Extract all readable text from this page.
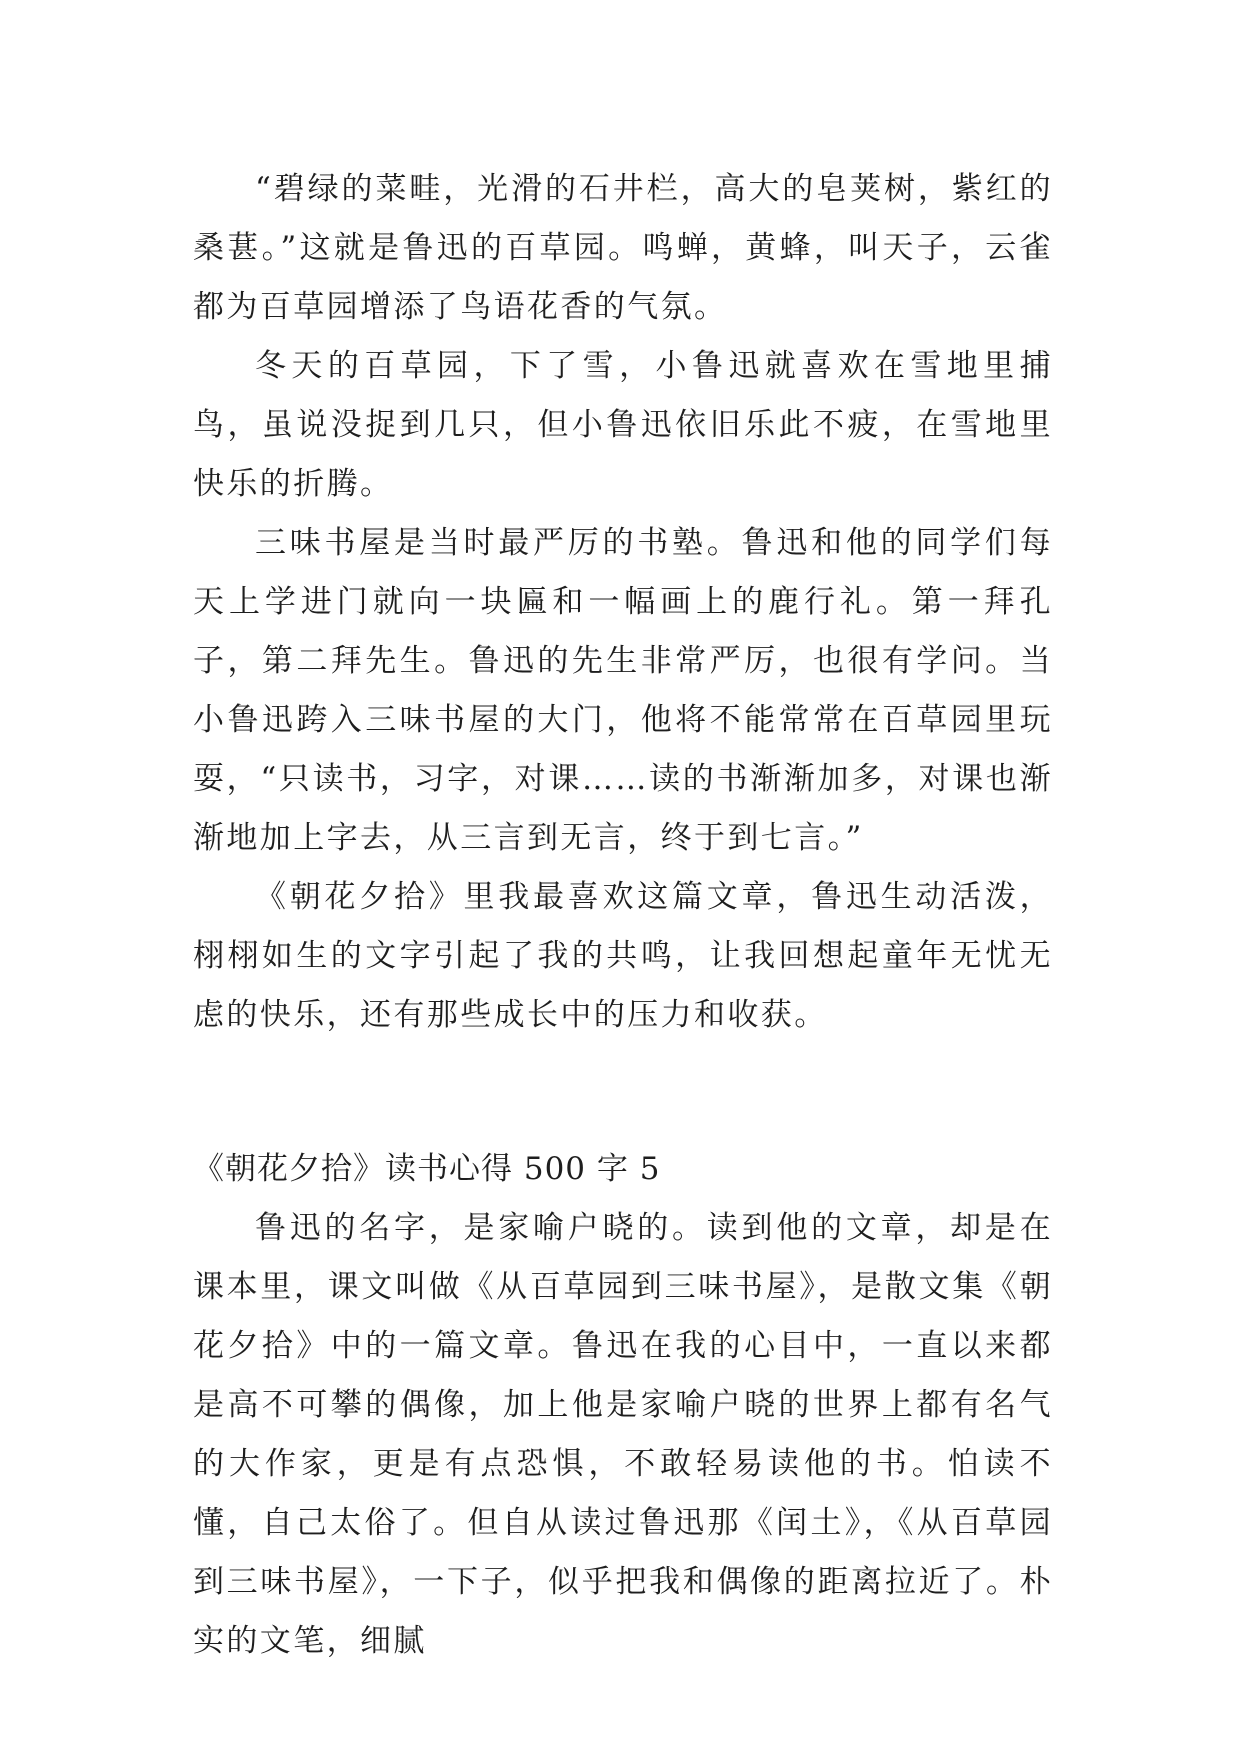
“碧绿的菜畦，光滑的石井栏，高大的皂荚树，紫红的桑葚。”这就是鲁迅的百草园。鸣蝉，黄蜂，叫天子，云雀都为百草园增添了鸟语花香的气氛。

冬天的百草园，下了雪，小鲁迅就喜欢在雪地里捕鸟，虽说没捉到几只，但小鲁迅依旧乐此不疲，在雪地里快乐的折腾。

三味书屋是当时最严厉的书塾。鲁迅和他的同学们每天上学进门就向一块匾和一幅画上的鹿行礼。第一拜孔子，第二拜先生。鲁迅的先生非常严厉，也很有学问。当小鲁迅跨入三味书屋的大门，他将不能常常在百草园里玩耍，“只读书，习字，对课……读的书渐渐加多，对课也渐渐地加上字去，从三言到无言，终于到七言。”

《朝花夕拾》里我最喜欢这篇文章，鲁迅生动活泼，栩栩如生的文字引起了我的共鸣，让我回想起童年无忧无虑的快乐，还有那些成长中的压力和收获。

《朝花夕拾》读书心得 500 字 5

鲁迅的名字，是家喻户晓的。读到他的文章，却是在课本里，课文叫做《从百草园到三味书屋》，是散文集《朝花夕拾》中的一篇文章。鲁迅在我的心目中，一直以来都是高不可攀的偶像，加上他是家喻户晓的世界上都有名气的大作家，更是有点恐惧，不敢轻易读他的书。怕读不懂，自己太俗了。但自从读过鲁迅那《闰土》，《从百草园到三味书屋》，一下子，似乎把我和偶像的距离拉近了。朴实的文笔，细腻
